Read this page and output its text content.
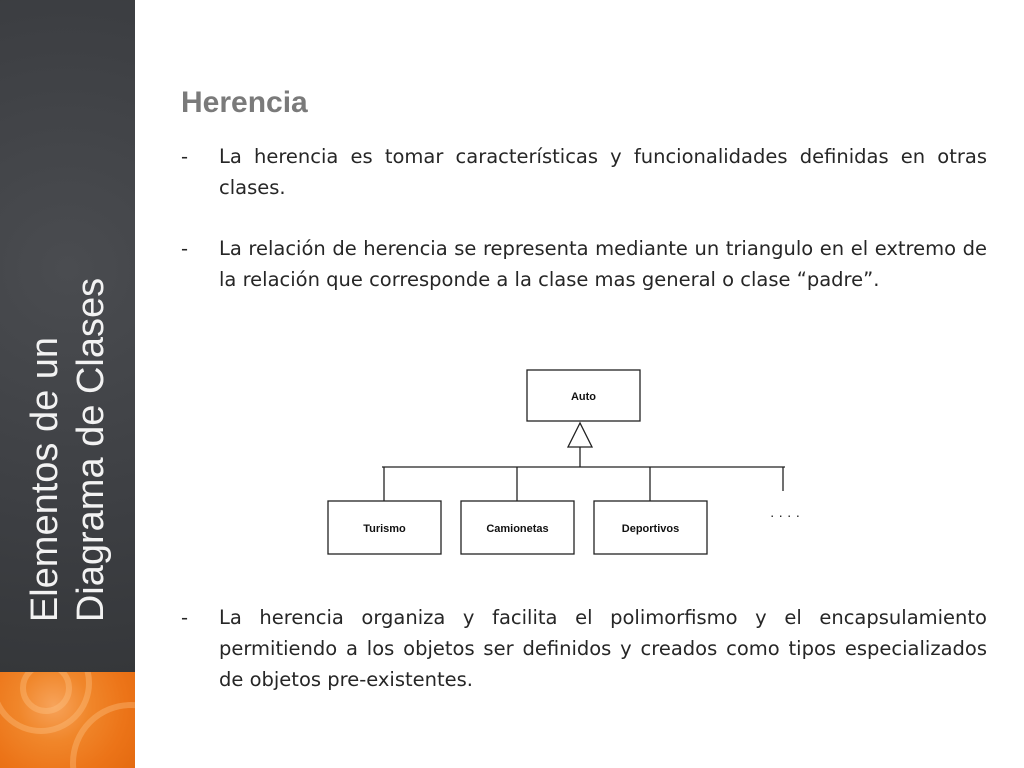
Elementos de un Diagrama de Clases
Herencia
- La herencia es tomar características y funcionalidades definidas en otras clases.
- La relación de herencia se representa mediante un triangulo en el extremo de la relación que corresponde a la clase mas general o clase “padre”.
Auto
Turismo	Camionetas	Deportivos
· · · ·
- La herencia organiza y facilita el polimorfismo y el encapsulamiento permitiendo a los objetos ser definidos y creados como tipos especializados de objetos pre-existentes.
